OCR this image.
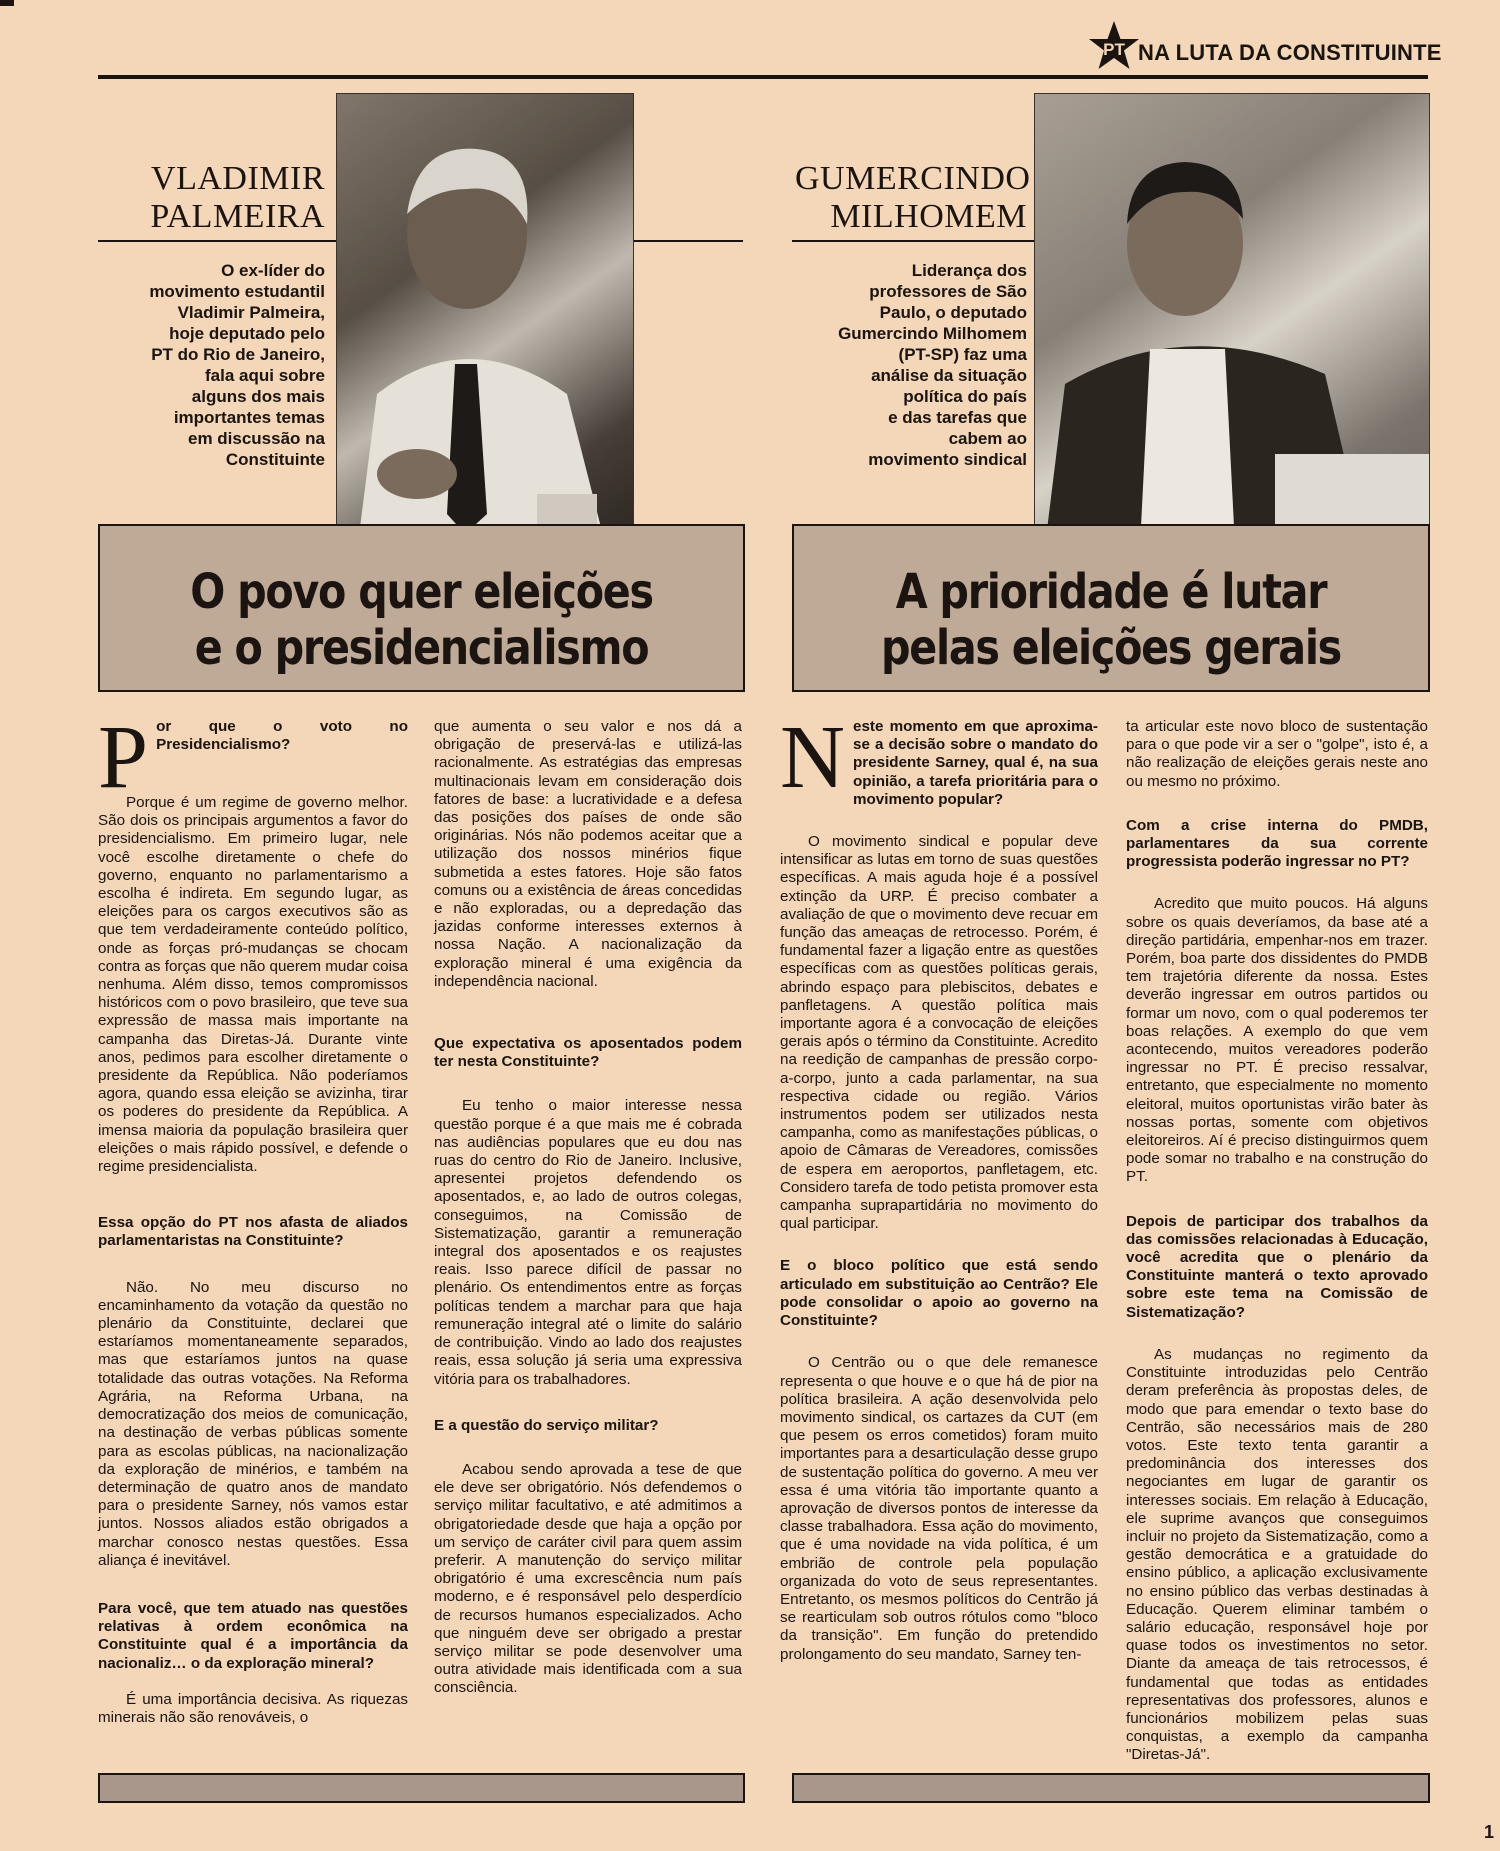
PT NA LUTA DA CONSTITUINTE
VLADIMIR
PALMEIRA
O ex-líder do
movimento estudantil
Vladimir Palmeira,
hoje deputado pelo
PT do Rio de Janeiro,
fala aqui sobre
alguns dos mais
importantes temas
em discussão na
Constituinte
O povo quer eleições
e o presidencialismo
P or que o voto no Presidencialismo?

Porque é um regime de governo melhor. São dois os principais argumentos a favor do presidencialismo. Em primeiro lugar, nele você escolhe diretamente o chefe do governo, enquanto no parlamentarismo a escolha é indireta. Em segundo lugar, as eleições para os cargos executivos são as que tem verdadeiramente conteúdo político, onde as forças pró-mudanças se chocam contra as forças que não querem mudar coisa nenhuma. Além disso, temos compromissos históricos com o povo brasileiro, que teve sua expressão de massa mais importante na campanha das Diretas-Já. Durante vinte anos, pedimos para escolher diretamente o presidente da República. Não poderíamos agora, quando essa eleição se avizinha, tirar os poderes do presidente da República. A imensa maioria da população brasileira quer eleições o mais rápido possível, e defende o regime presidencialista.

Essa opção do PT nos afasta de aliados parlamentaristas na Constituinte?

Não. No meu discurso no encaminhamento da votação da questão no plenário da Constituinte, declarei que estaríamos momentaneamente separados, mas que estaríamos juntos na quase totalidade das outras votações. Na Reforma Agrária, na Reforma Urbana, na democratização dos meios de comunicação, na destinação de verbas públicas somente para as escolas públicas, na nacionalização da exploração de minérios, e também na determinação de quatro anos de mandato para o presidente Sarney, nós vamos estar juntos. Nossos aliados estão obrigados a marchar conosco nestas questões. Essa aliança é inevitável.

Para você, que tem atuado nas questões relativas à ordem econômica na Constituinte qual é a importância da nacionaliz… o da exploração mineral?

É uma importância decisiva. As riquezas minerais não são renováveis, o

que aumenta o seu valor e nos dá a obrigação de preservá-las e utilizá-las racionalmente. As estratégias das empresas multinacionais levam em consideração dois fatores de base: a lucratividade e a defesa das posições dos países de onde são originárias. Nós não podemos aceitar que a utilização dos nossos minérios fique submetida a estes fatores. Hoje são fatos comuns ou a existência de áreas concedidas e não exploradas, ou a depredação das jazidas conforme interesses externos à nossa Nação. A nacionalização da exploração mineral é uma exigência da independência nacional.

Que expectativa os aposentados podem ter nesta Constituinte?

Eu tenho o maior interesse nessa questão porque é a que mais me é cobrada nas audiências populares que eu dou nas ruas do centro do Rio de Janeiro. Inclusive, apresentei projetos defendendo os aposentados, e, ao lado de outros colegas, conseguimos, na Comissão de Sistematização, garantir a remuneração integral dos aposentados e os reajustes reais. Isso parece difícil de passar no plenário. Os entendimentos entre as forças políticas tendem a marchar para que haja remuneração integral até o limite do salário de contribuição. Vindo ao lado dos reajustes reais, essa solução já seria uma expressiva vitória para os trabalhadores.

E a questão do serviço militar?

Acabou sendo aprovada a tese de que ele deve ser obrigatório. Nós defendemos o serviço militar facultativo, e até admitimos a obrigatoriedade desde que haja a opção por um serviço de caráter civil para quem assim preferir. A manutenção do serviço militar obrigatório é uma excrescência num país moderno, e é responsável pelo desperdício de recursos humanos especializados. Acho que ninguém deve ser obrigado a prestar serviço militar se pode desenvolver uma outra atividade mais identificada com a sua consciência.

GUMERCINDO
MILHOMEM
Liderança dos
professores de São
Paulo, o deputado
Gumercindo Milhomem
(PT-SP) faz uma
análise da situação
política do país
e das tarefas que
cabem ao
movimento sindical
A prioridade é lutar
pelas eleições gerais
N este momento em que aproxima-se a decisão sobre o mandato do presidente Sarney, qual é, na sua opinião, a tarefa prioritária para o movimento popular?

O movimento sindical e popular deve intensificar as lutas em torno de suas questões específicas. A mais aguda hoje é a possível extinção da URP. É preciso combater a avaliação de que o movimento deve recuar em função das ameaças de retrocesso. Porém, é fundamental fazer a ligação entre as questões específicas com as questões políticas gerais, abrindo espaço para plebiscitos, debates e panfletagens. A questão política mais importante agora é a convocação de eleições gerais após o término da Constituinte. Acredito na reedição de campanhas de pressão corpo-a-corpo, junto a cada parlamentar, na sua respectiva cidade ou região. Vários instrumentos podem ser utilizados nesta campanha, como as manifestações públicas, o apoio de Câmaras de Vereadores, comissões de espera em aeroportos, panfletagem, etc. Considero tarefa de todo petista promover esta campanha suprapartidária no movimento do qual participar.

E o bloco político que está sendo articulado em substituição ao Centrão? Ele pode consolidar o apoio ao governo na Constituinte?

O Centrão ou o que dele remanesce representa o que houve e o que há de pior na política brasileira. A ação desenvolvida pelo movimento sindical, os cartazes da CUT (em que pesem os erros cometidos) foram muito importantes para a desarticulação desse grupo de sustentação política do governo. A meu ver essa é uma vitória tão importante quanto a aprovação de diversos pontos de interesse da classe trabalhadora. Essa ação do movimento, que é uma novidade na vida política, é um embrião de controle pela população organizada do voto de seus representantes. Entretanto, os mesmos políticos do Centrão já se rearticulam sob outros rótulos como "bloco da transição". Em função do pretendido prolongamento do seu mandato, Sarney ten-

ta articular este novo bloco de sustentação para o que pode vir a ser o "golpe", isto é, a não realização de eleições gerais neste ano ou mesmo no próximo.

Com a crise interna do PMDB, parlamentares da sua corrente progressista poderão ingressar no PT?

Acredito que muito poucos. Há alguns sobre os quais deveríamos, da base até a direção partidária, empenhar-nos em trazer. Porém, boa parte dos dissidentes do PMDB tem trajetória diferente da nossa. Estes deverão ingressar em outros partidos ou formar um novo, com o qual poderemos ter boas relações. A exemplo do que vem acontecendo, muitos vereadores poderão ingressar no PT. É preciso ressalvar, entretanto, que especialmente no momento eleitoral, muitos oportunistas virão bater às nossas portas, somente com objetivos eleitoreiros. Aí é preciso distinguirmos quem pode somar no trabalho e na construção do PT.

Depois de participar dos trabalhos da das comissões relacionadas à Educação, você acredita que o plenário da Constituinte manterá o texto aprovado sobre este tema na Comissão de Sistematização?

As mudanças no regimento da Constituinte introduzidas pelo Centrão deram preferência às propostas deles, de modo que para emendar o texto base do Centrão, são necessários mais de 280 votos. Este texto tenta garantir a predominância dos interesses dos negociantes em lugar de garantir os interesses sociais. Em relação à Educação, ele suprime avanços que conseguimos incluir no projeto da Sistematização, como a gestão democrática e a gratuidade do ensino público, a aplicação exclusivamente no ensino público das verbas destinadas à Educação. Querem eliminar também o salário educação, responsável hoje por quase todos os investimentos no setor. Diante da ameaça de tais retrocessos, é fundamental que todas as entidades representativas dos professores, alunos e funcionários mobilizem pelas suas conquistas, a exemplo da campanha "Diretas-Já".

1
